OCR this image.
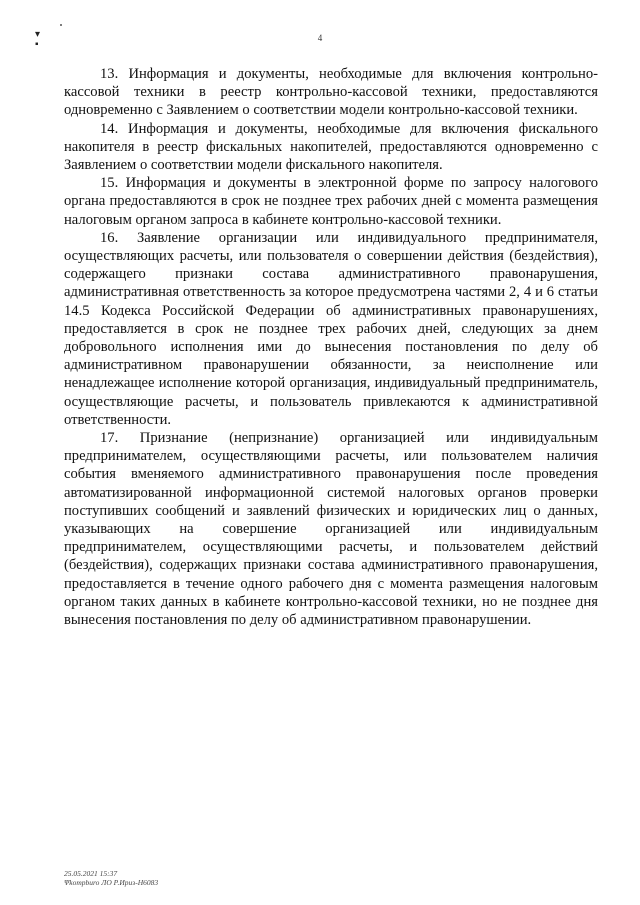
▾
▪
4

13. Информация и документы, необходимые для включения контрольно-кассовой техники в реестр контрольно-кассовой техники, предоставляются одновременно с Заявлением о соответствии модели контрольно-кассовой техники.

14. Информация и документы, необходимые для включения фискального накопителя в реестр фискальных накопителей, предоставляются одновременно с Заявлением о соответствии модели фискального накопителя.

15. Информация и документы в электронной форме по запросу налогового органа предоставляются в срок не позднее трех рабочих дней с момента размещения налоговым органом запроса в кабинете контрольно-кассовой техники.

16. Заявление организации или индивидуального предпринимателя, осуществляющих расчеты, или пользователя о совершении действия (бездействия), содержащего признаки состава административного правонарушения, административная ответственность за которое предусмотрена частями 2, 4 и 6 статьи 14.5 Кодекса Российской Федерации об административных правонарушениях, предоставляется в срок не позднее трех рабочих дней, следующих за днем добровольного исполнения ими до вынесения постановления по делу об административном правонарушении обязанности, за неисполнение или ненадлежащее исполнение которой организация, индивидуальный предприниматель, осуществляющие расчеты, и пользователь привлекаются к административной ответственности.

17. Признание (непризнание) организацией или индивидуальным предпринимателем, осуществляющими расчеты, или пользователем наличия события вменяемого административного правонарушения после проведения автоматизированной информационной системой налоговых органов проверки поступивших сообщений и заявлений физических и юридических лиц о данных, указывающих на совершение организацией или индивидуальным предпринимателем, осуществляющими расчеты, и пользователем действий (бездействия), содержащих признаки состава административного правонарушения, предоставляется в течение одного рабочего дня с момента размещения налоговым органом таких данных в кабинете контрольно-кассовой техники, но не позднее дня вынесения постановления по делу об административном правонарушении.

25.05.2021 15:37
Ψkompburo ЛО Р.Ириз-Н6083
